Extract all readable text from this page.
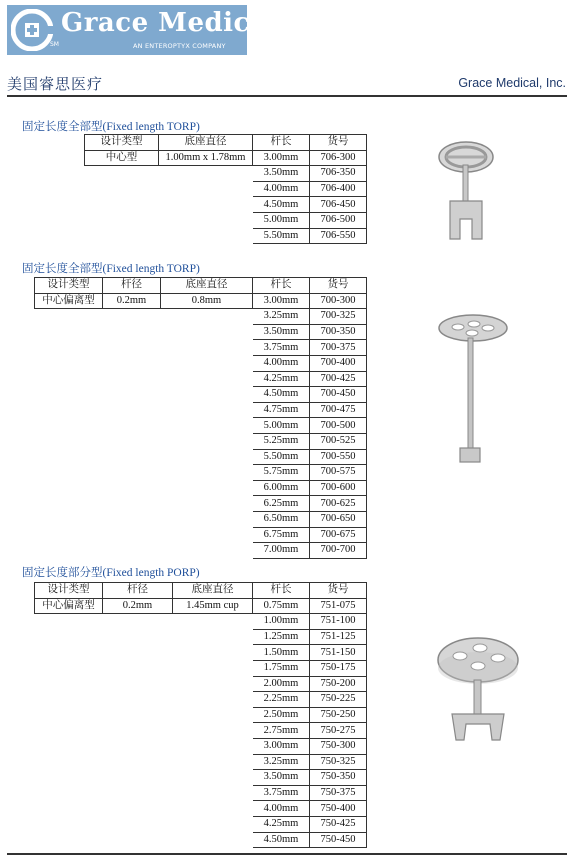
SM
Grace Medical
AN ENTEROPTYX COMPANY
美国睿思医疗	Grace Medical, Inc.
固定长度全部型(Fixed length TORP)
设计类型	底座直径	杆长	货号
中心型	1.00mm x 1.78mm	3.00mm	706-300
		3.50mm	706-350
		4.00mm	706-400
		4.50mm	706-450
		5.00mm	706-500
		5.50mm	706-550
固定长度全部型(Fixed length TORP)
设计类型	杆径	底座直径	杆长	货号
中心偏离型	0.2mm	0.8mm	3.00mm	700-300
			3.25mm	700-325
			3.50mm	700-350
			3.75mm	700-375
			4.00mm	700-400
			4.25mm	700-425
			4.50mm	700-450
			4.75mm	700-475
			5.00mm	700-500
			5.25mm	700-525
			5.50mm	700-550
			5.75mm	700-575
			6.00mm	700-600
			6.25mm	700-625
			6.50mm	700-650
			6.75mm	700-675
			7.00mm	700-700
固定长度部分型(Fixed length PORP)
设计类型	杆径	底座直径	杆长	货号
中心偏离型	0.2mm	1.45mm cup	0.75mm	751-075
			1.00mm	751-100
			1.25mm	751-125
			1.50mm	751-150
			1.75mm	750-175
			2.00mm	750-200
			2.25mm	750-225
			2.50mm	750-250
			2.75mm	750-275
			3.00mm	750-300
			3.25mm	750-325
			3.50mm	750-350
			3.75mm	750-375
			4.00mm	750-400
			4.25mm	750-425
			4.50mm	750-450
